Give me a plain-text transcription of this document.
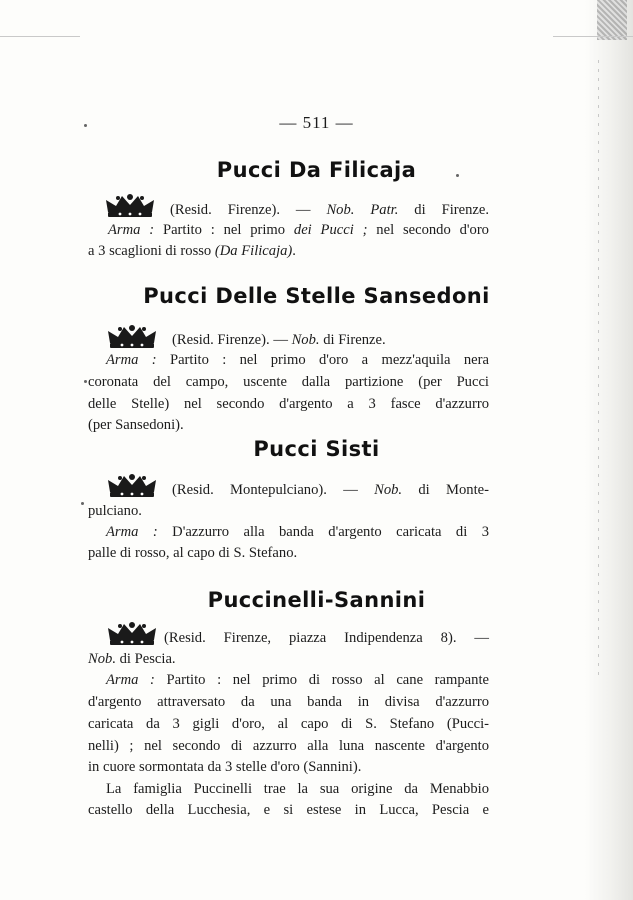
— 511 —
Pucci Da Filicaja
(Resid. Firenze). — Nob. Patr. di Firenze.
Arma : Partito : nel primo dei Pucci ; nel secondo d'oro
a 3 scaglioni di rosso (Da Filicaja).
Pucci Delle Stelle Sansedoni
(Resid. Firenze). — Nob. di Firenze.
Arma : Partito : nel primo d'oro a mezz'aquila nera
coronata del campo, uscente dalla partizione (per Pucci
delle Stelle) nel secondo d'argento a 3 fasce d'azzurro
(per Sansedoni).
Pucci Sisti
(Resid. Montepulciano). — Nob. di Monte-
pulciano.
Arma : D'azzurro alla banda d'argento caricata di 3
palle di rosso, al capo di S. Stefano.
Puccinelli-Sannini
(Resid. Firenze, piazza Indipendenza 8). —
Nob. di Pescia.
Arma : Partito : nel primo di rosso al cane rampante
d'argento attraversato da una banda in divisa d'azzurro
caricata da 3 gigli d'oro, al capo di S. Stefano (Pucci-
nelli) ; nel secondo di azzurro alla luna nascente d'argento
in cuore sormontata da 3 stelle d'oro (Sannini).
La famiglia Puccinelli trae la sua origine da Menabbio
castello della Lucchesia, e si estese in Lucca, Pescia e
